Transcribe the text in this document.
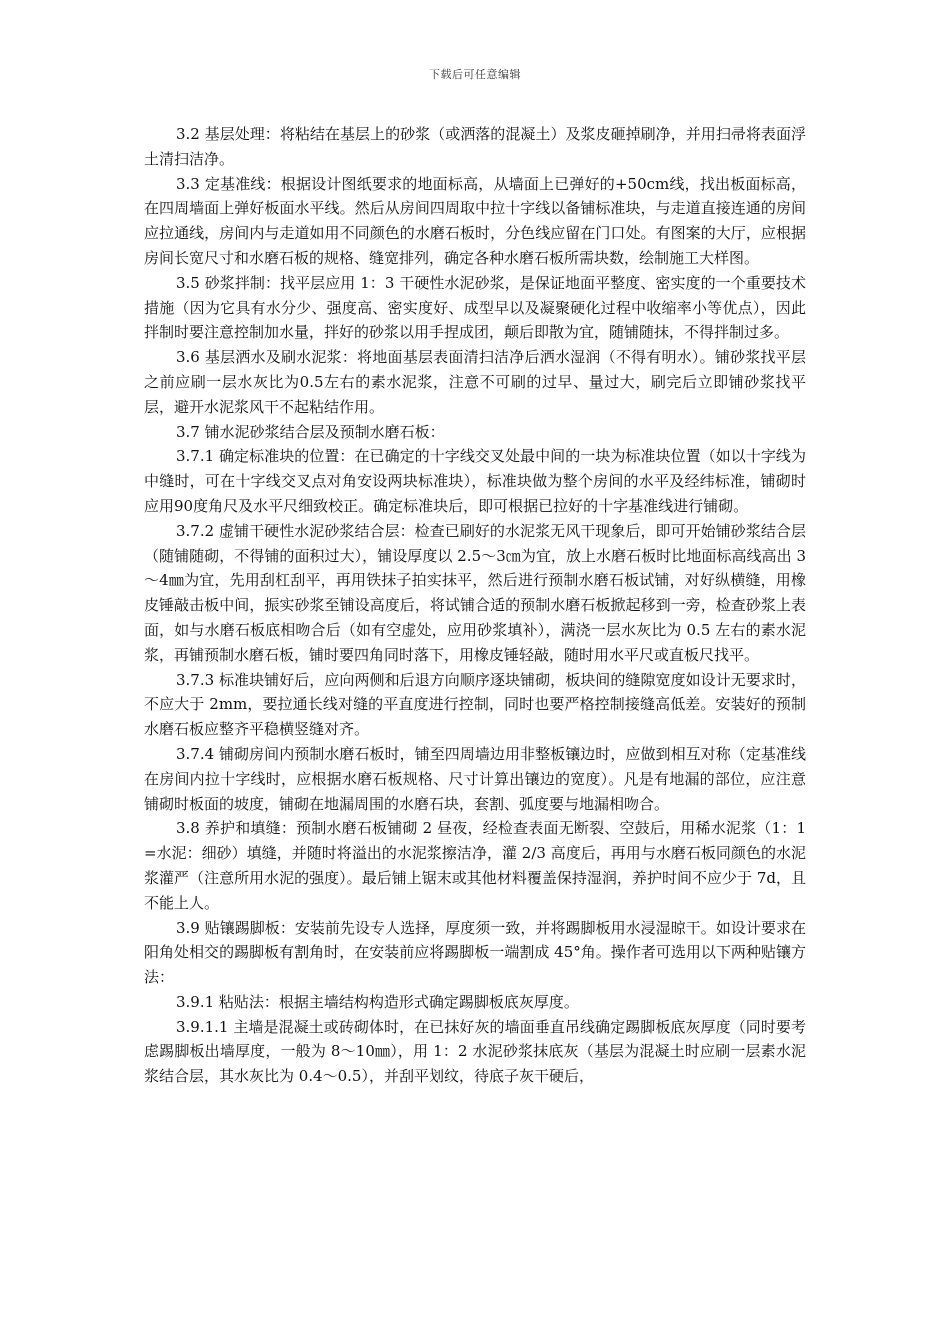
下载后可任意编辑

3.2 基层处理：将粘结在基层上的砂浆（或洒落的混凝土）及浆皮砸掉刷净，并用扫帚将表面浮土清扫洁净。

3.3 定基准线：根据设计图纸要求的地面标高，从墙面上已弹好的+50cm线，找出板面标高，在四周墙面上弹好板面水平线。然后从房间四周取中拉十字线以备铺标准块，与走道直接连通的房间应拉通线，房间内与走道如用不同颜色的水磨石板时，分色线应留在门口处。有图案的大厅，应根据房间长宽尺寸和水磨石板的规格、缝宽排列，确定各种水磨石板所需块数，绘制施工大样图。

3.5 砂浆拌制：找平层应用 1：3 干硬性水泥砂浆，是保证地面平整度、密实度的一个重要技术措施（因为它具有水分少、强度高、密实度好、成型早以及凝聚硬化过程中收缩率小等优点），因此拌制时要注意控制加水量，拌好的砂浆以用手捏成团，颠后即散为宜，随铺随抹，不得拌制过多。

3.6 基层洒水及刷水泥浆：将地面基层表面清扫洁净后洒水湿润（不得有明水）。铺砂浆找平层之前应刷一层水灰比为0.5左右的素水泥浆，注意不可刷的过早、量过大，刷完后立即铺砂浆找平层，避开水泥浆风干不起粘结作用。

3.7 铺水泥砂浆结合层及预制水磨石板：

3.7.1 确定标准块的位置：在已确定的十字线交叉处最中间的一块为标准块位置（如以十字线为中缝时，可在十字线交叉点对角安设两块标准块），标准块做为整个房间的水平及经纬标准，铺砌时应用90度角尺及水平尺细致校正。确定标准块后，即可根据已拉好的十字基准线进行铺砌。

3.7.2 虚铺干硬性水泥砂浆结合层：检查已刷好的水泥浆无风干现象后，即可开始铺砂浆结合层（随铺随砌，不得铺的面积过大），铺设厚度以 2.5～3㎝为宜，放上水磨石板时比地面标高线高出 3～4㎜为宜，先用刮杠刮平，再用铁抹子拍实抹平，然后进行预制水磨石板试铺，对好纵横缝，用橡皮锤敲击板中间，振实砂浆至铺设高度后，将试铺合适的预制水磨石板掀起移到一旁，检查砂浆上表面，如与水磨石板底相吻合后（如有空虚处，应用砂浆填补），满浇一层水灰比为 0.5 左右的素水泥浆，再铺预制水磨石板，铺时要四角同时落下，用橡皮锤轻敲，随时用水平尺或直板尺找平。

3.7.3 标准块铺好后，应向两侧和后退方向顺序逐块铺砌，板块间的缝隙宽度如设计无要求时，不应大于 2mm，要拉通长线对缝的平直度进行控制，同时也要严格控制接缝高低差。安装好的预制水磨石板应整齐平稳横竖缝对齐。

3.7.4 铺砌房间内预制水磨石板时，铺至四周墙边用非整板镶边时，应做到相互对称（定基准线在房间内拉十字线时，应根据水磨石板规格、尺寸计算出镶边的宽度）。凡是有地漏的部位，应注意铺砌时板面的坡度，铺砌在地漏周围的水磨石块，套割、弧度要与地漏相吻合。

3.8 养护和填缝：预制水磨石板铺砌 2 昼夜，经检查表面无断裂、空鼓后，用稀水泥浆（1：1=水泥：细砂）填缝，并随时将溢出的水泥浆擦洁净，灌 2/3 高度后，再用与水磨石板同颜色的水泥浆灌严（注意所用水泥的强度）。最后铺上锯末或其他材料覆盖保持湿润，养护时间不应少于 7d，且不能上人。

3.9 贴镶踢脚板：安装前先设专人选择，厚度须一致，并将踢脚板用水浸湿晾干。如设计要求在阳角处相交的踢脚板有割角时，在安装前应将踢脚板一端割成 45°角。操作者可选用以下两种贴镶方法：

3.9.1 粘贴法：根据主墙结构构造形式确定踢脚板底灰厚度。

3.9.1.1 主墙是混凝土或砖砌体时，在已抹好灰的墙面垂直吊线确定踢脚板底灰厚度（同时要考虑踢脚板出墙厚度，一般为 8～10㎜），用 1：2 水泥砂浆抹底灰（基层为混凝土时应刷一层素水泥浆结合层，其水灰比为 0.4～0.5），并刮平划纹，待底子灰干硬后，
